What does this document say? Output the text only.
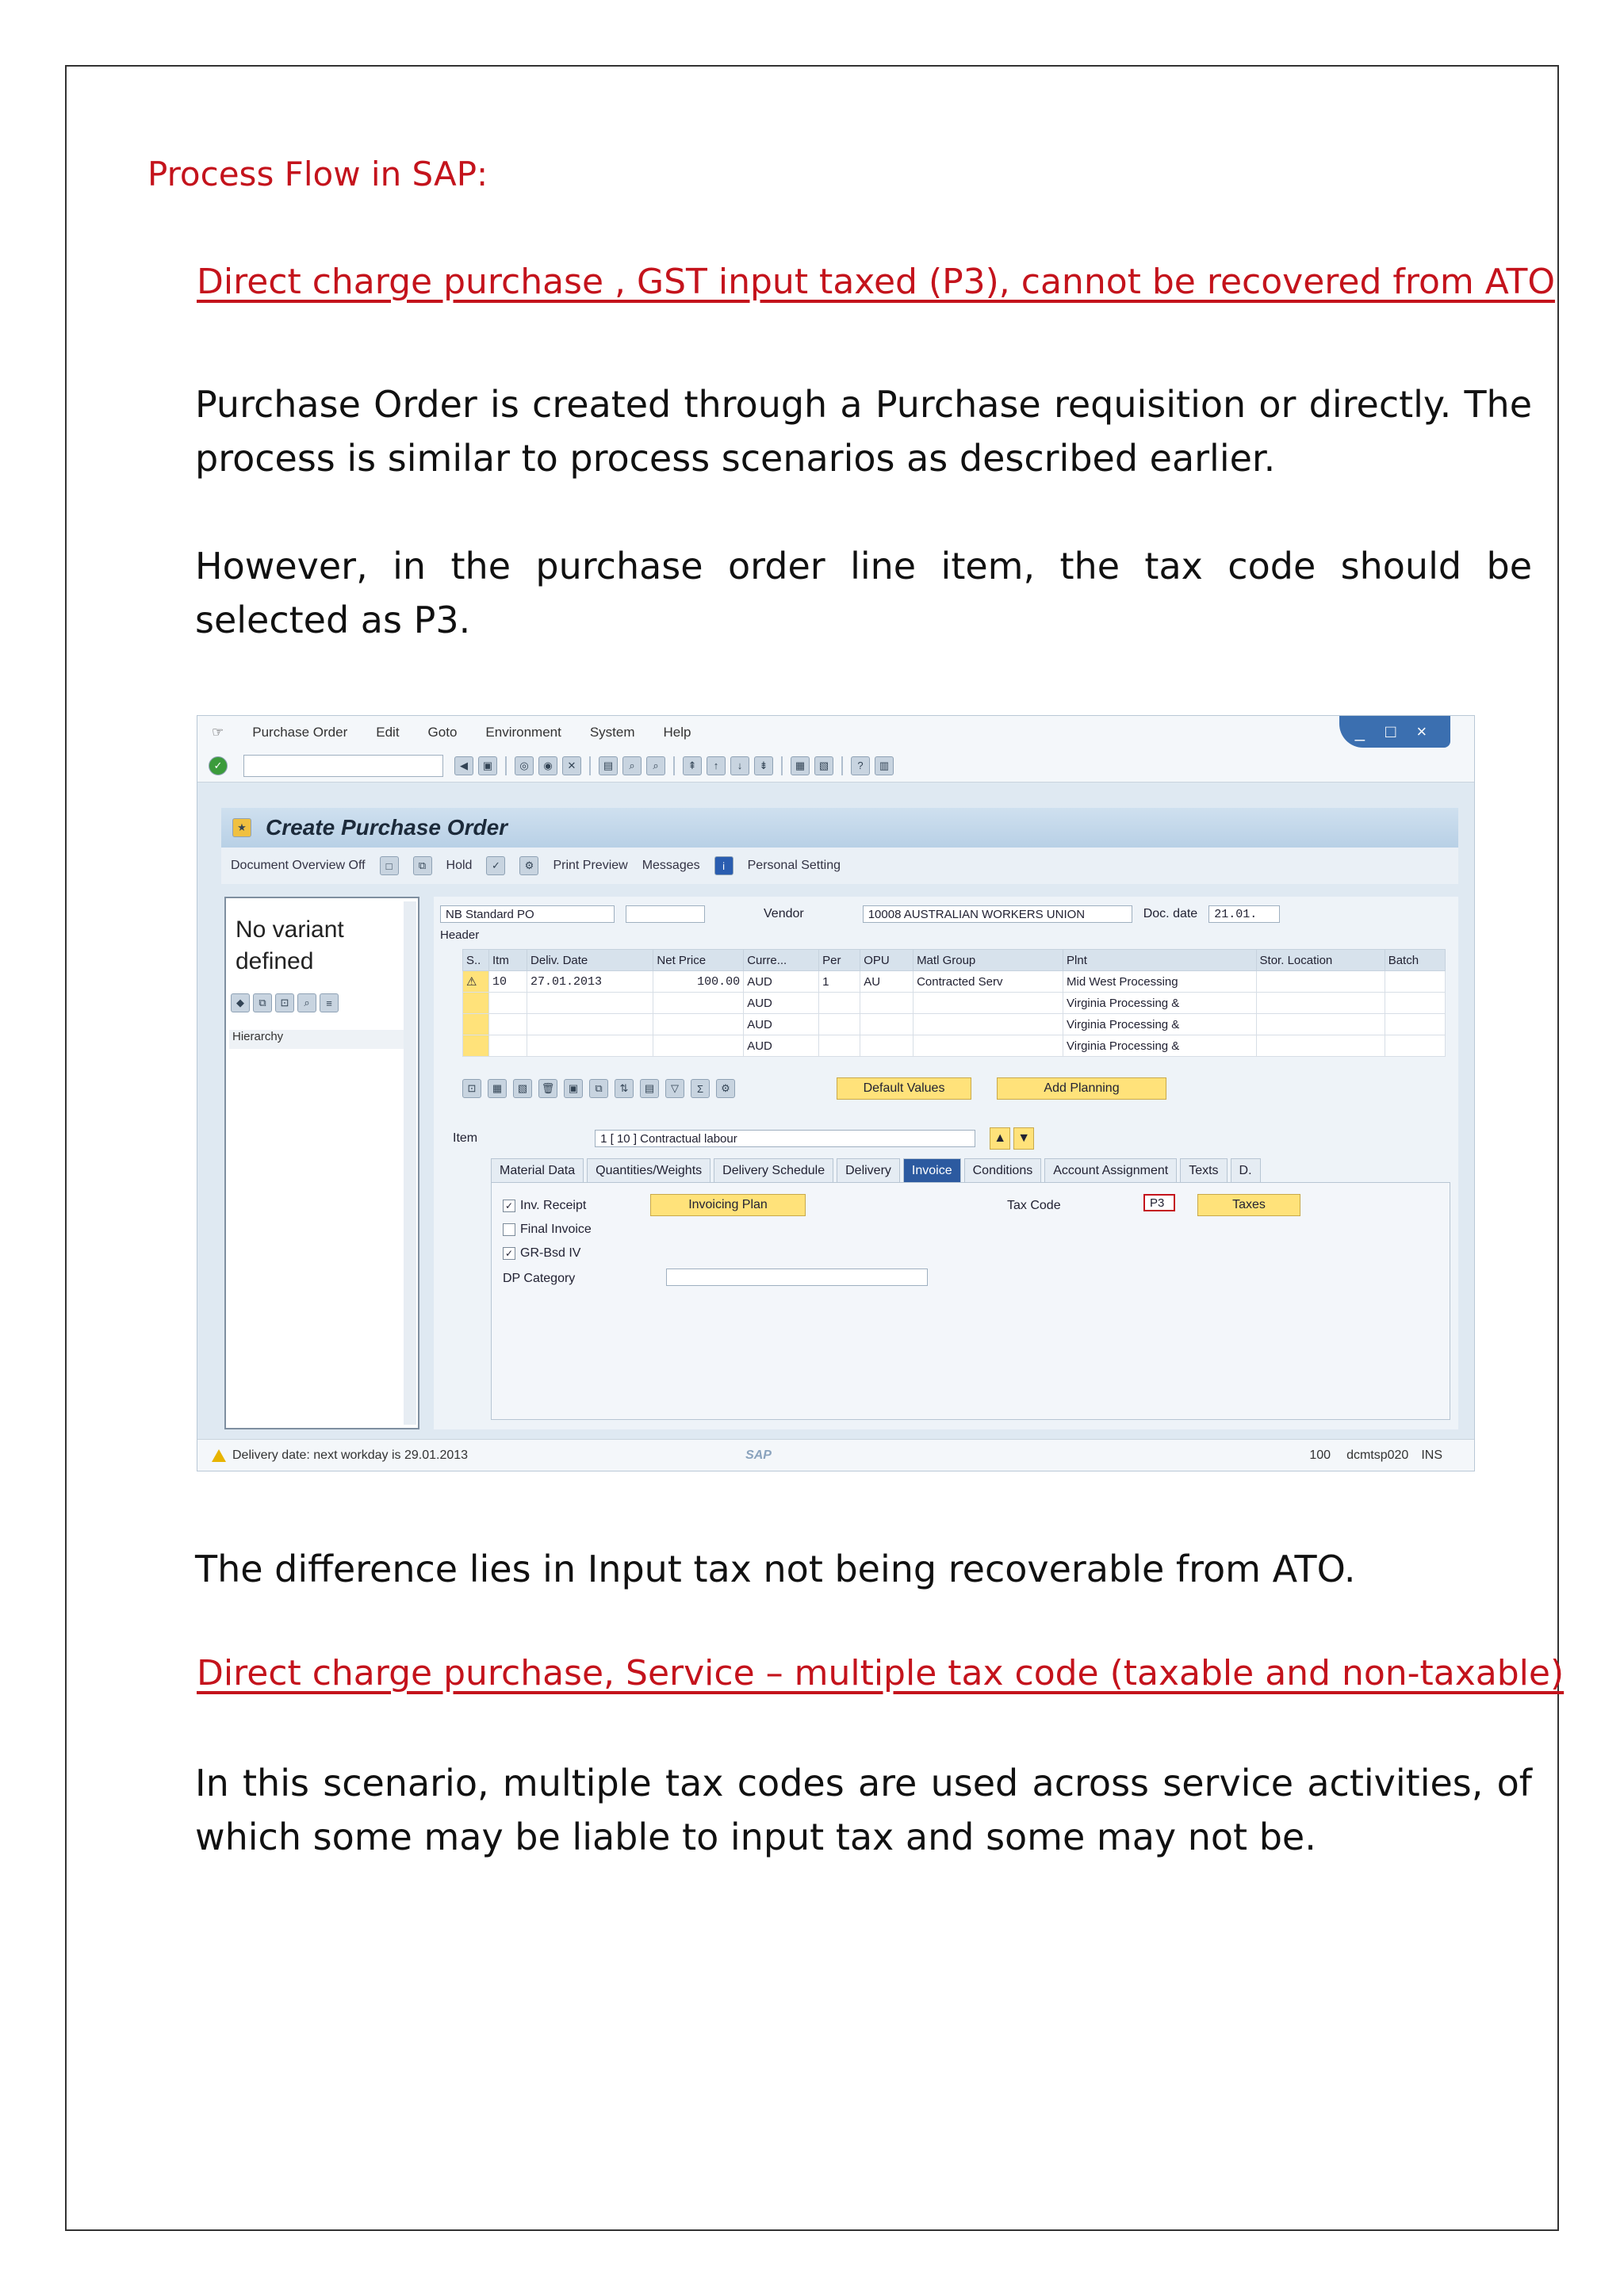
Process Flow in SAP:

Direct charge purchase , GST input taxed (P3), cannot be recovered from ATO

Purchase Order is created through a Purchase requisition or directly. The process is similar to process scenarios as described earlier.

However, in the purchase order line item, the tax code should be selected as P3.

☞ Purchase Order Edit Goto Environment System Help	_ □ ×
✓	◀	▣	◎	◉	✕	▤	⌕	⌕	⇞	↑	↓	⇟	▦	▧	?	▥
★ Create Purchase Order
Document Overview Off	□	⧉	Hold	✓	⚙	Print Preview Messages	i	Personal Setting
No variant defined
◆	⧉	⊡	⌕	≡
Hierarchy
NB Standard PO	Vendor	10008 AUSTRALIAN WORKERS UNION	Doc. date	21.01.
Header
S..	Itm	Deliv. Date	Net Price	Curre...	Per	OPU	Matl Group	Plnt	Stor. Location	Batch
⚠	10	27.01.2013	100.00	AUD	1	AU	Contracted Serv	Mid West Processing		
				AUD				Virginia Processing &		
				AUD				Virginia Processing &		
				AUD				Virginia Processing &		
⊡	▦	▧	🗑	▣	⧉	⇅	▤	▽	Σ	⚙	Default Values	Add Planning
Item	1 [ 10 ] Contractual labour	▲ ▼
Material Data	Quantities/Weights	Delivery Schedule	Delivery	Invoice	Conditions	Account Assignment	Texts	D.
✓ Inv. Receipt
Final Invoice
✓ GR-Bsd IV
DP Category
Invoicing Plan	Tax Code	P3	Taxes
Delivery date: next workday is 29.01.2013	SAP	100 dcmtsp020 INS

The difference lies in Input tax not being recoverable from ATO.

Direct charge purchase, Service – multiple tax code (taxable and non-taxable)

In this scenario, multiple tax codes are used across service activities, of which some may be liable to input tax and some may not be.
